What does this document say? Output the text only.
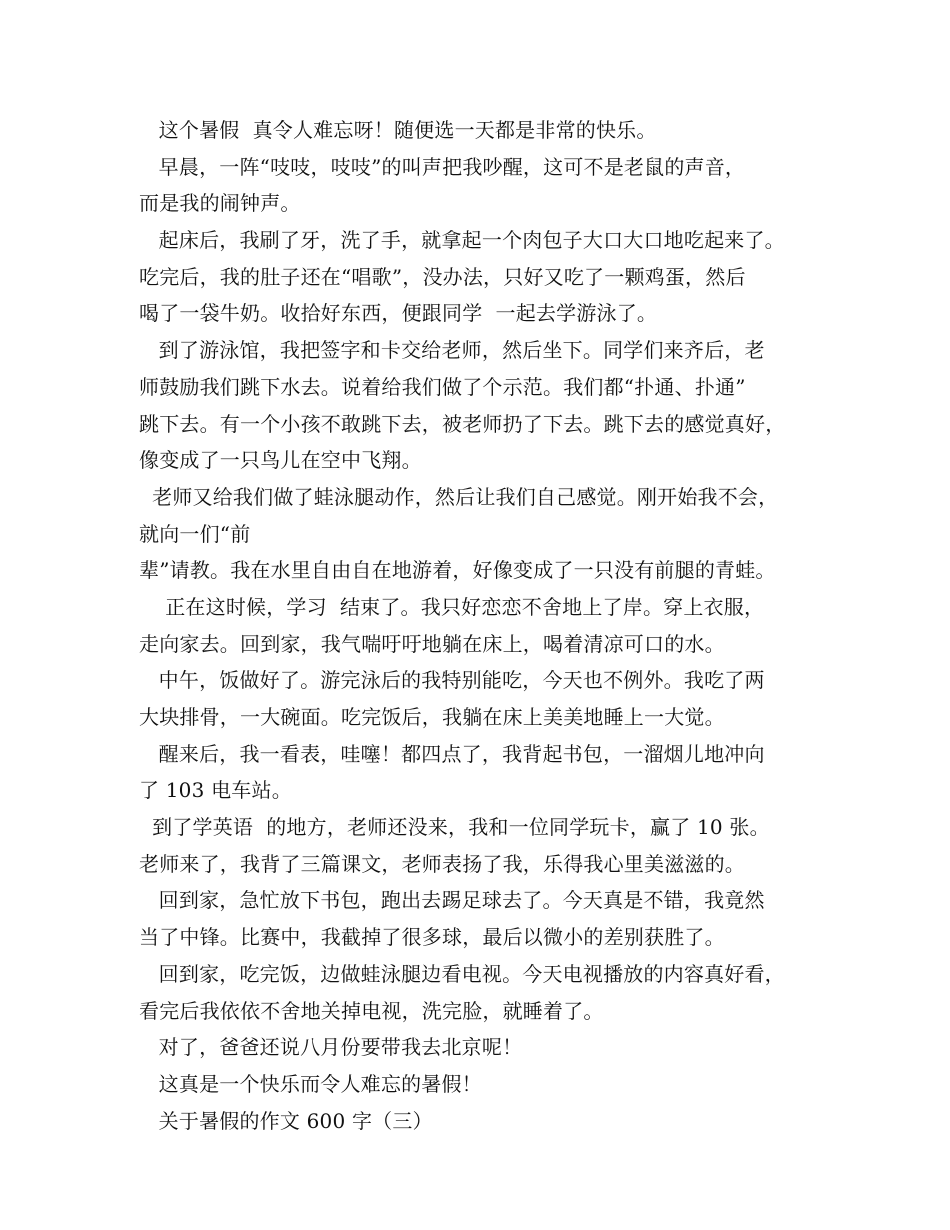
这个暑假  真令人难忘呀！随便选一天都是非常的快乐。
早晨，一阵“吱吱，吱吱”的叫声把我吵醒，这可不是老鼠的声音，
而是我的闹钟声。
起床后，我刷了牙，洗了手，就拿起一个肉包子大口大口地吃起来了。
吃完后，我的肚子还在“唱歌”，没办法，只好又吃了一颗鸡蛋，然后
喝了一袋牛奶。收拾好东西，便跟同学  一起去学游泳了。
到了游泳馆，我把签字和卡交给老师，然后坐下。同学们来齐后，老
师鼓励我们跳下水去。说着给我们做了个示范。我们都“扑通、扑通”
跳下去。有一个小孩不敢跳下去，被老师扔了下去。跳下去的感觉真好，
像变成了一只鸟儿在空中飞翔。
老师又给我们做了蛙泳腿动作，然后让我们自己感觉。刚开始我不会，
就向一们“前
辈”请教。我在水里自由自在地游着，好像变成了一只没有前腿的青蛙。
正在这时候，学习  结束了。我只好恋恋不舍地上了岸。穿上衣服，
走向家去。回到家，我气喘吁吁地躺在床上，喝着清凉可口的水。
中午，饭做好了。游完泳后的我特别能吃，今天也不例外。我吃了两
大块排骨，一大碗面。吃完饭后，我躺在床上美美地睡上一大觉。
醒来后，我一看表，哇噻！都四点了，我背起书包，一溜烟儿地冲向
了 103 电车站。
到了学英语  的地方，老师还没来，我和一位同学玩卡，赢了 10 张。
老师来了，我背了三篇课文，老师表扬了我，乐得我心里美滋滋的。
回到家，急忙放下书包，跑出去踢足球去了。今天真是不错，我竟然
当了中锋。比赛中，我截掉了很多球，最后以微小的差别获胜了。
回到家，吃完饭，边做蛙泳腿边看电视。今天电视播放的内容真好看，
看完后我依依不舍地关掉电视，洗完脸，就睡着了。
对了，爸爸还说八月份要带我去北京呢！
这真是一个快乐而令人难忘的暑假！
关于暑假的作文 600 字（三）
